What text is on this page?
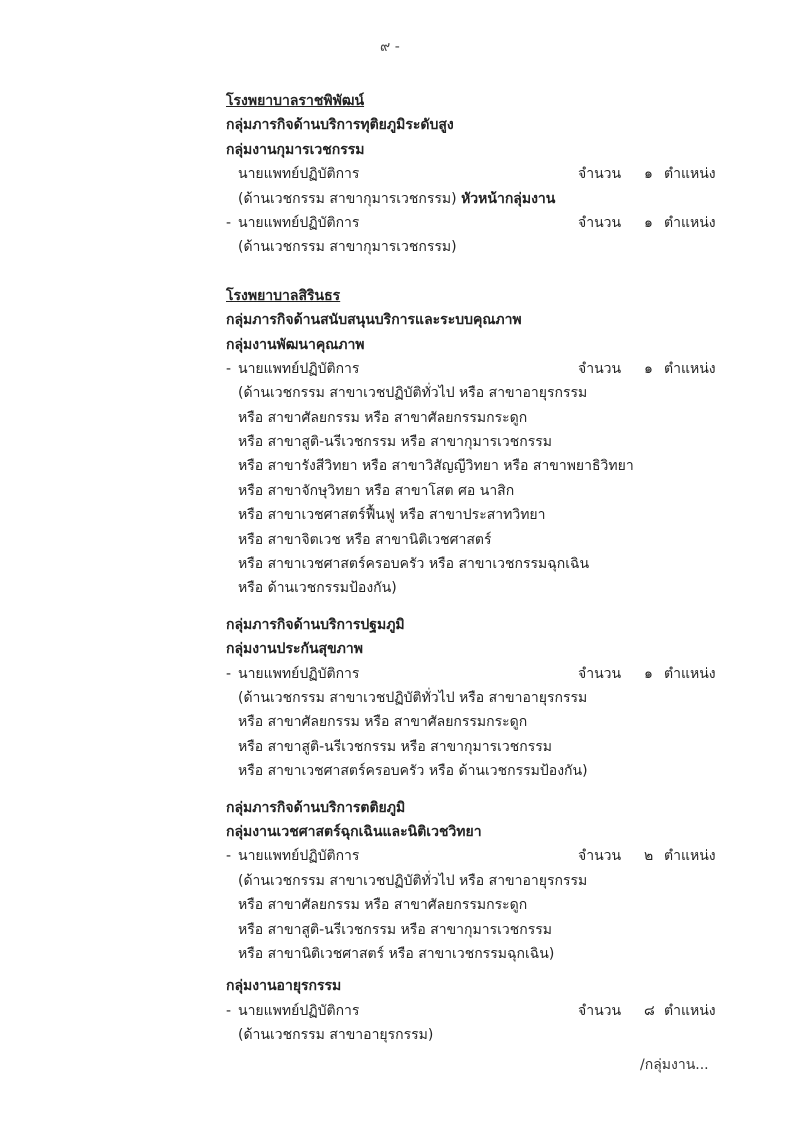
๙ -
โรงพยาบาลราชพิพัฒน์
กลุ่มภารกิจด้านบริการทุติยภูมิระดับสูง
กลุ่มงานกุมารเวชกรรม
นายแพทย์ปฏิบัติการ	จำนวน ๑ ตำแหน่ง
(ด้านเวชกรรม สาขากุมารเวชกรรม) หัวหน้ากลุ่มงาน
- นายแพทย์ปฏิบัติการ	จำนวน ๑ ตำแหน่ง
(ด้านเวชกรรม สาขากุมารเวชกรรม)
โรงพยาบาลสิรินธร
กลุ่มภารกิจด้านสนับสนุนบริการและระบบคุณภาพ
กลุ่มงานพัฒนาคุณภาพ
- นายแพทย์ปฏิบัติการ	จำนวน ๑ ตำแหน่ง
(ด้านเวชกรรม สาขาเวชปฏิบัติทั่วไป หรือ สาขาอายุรกรรม
หรือ สาขาศัลยกรรม หรือ สาขาศัลยกรรมกระดูก
หรือ สาขาสูติ-นรีเวชกรรม หรือ สาขากุมารเวชกรรม
หรือ สาขารังสีวิทยา หรือ สาขาวิสัญญีวิทยา หรือ สาขาพยาธิวิทยา
หรือ สาขาจักษุวิทยา หรือ สาขาโสต ศอ นาสิก
หรือ สาขาเวชศาสตร์ฟื้นฟู หรือ สาขาประสาทวิทยา
หรือ สาขาจิตเวช หรือ สาขานิติเวชศาสตร์
หรือ สาขาเวชศาสตร์ครอบครัว หรือ สาขาเวชกรรมฉุกเฉิน
หรือ ด้านเวชกรรมป้องกัน)
กลุ่มภารกิจด้านบริการปฐมภูมิ
กลุ่มงานประกันสุขภาพ
- นายแพทย์ปฏิบัติการ	จำนวน ๑ ตำแหน่ง
(ด้านเวชกรรม สาขาเวชปฏิบัติทั่วไป หรือ สาขาอายุรกรรม
หรือ สาขาศัลยกรรม หรือ สาขาศัลยกรรมกระดูก
หรือ สาขาสูติ-นรีเวชกรรม หรือ สาขากุมารเวชกรรม
หรือ สาขาเวชศาสตร์ครอบครัว หรือ ด้านเวชกรรมป้องกัน)
กลุ่มภารกิจด้านบริการตติยภูมิ
กลุ่มงานเวชศาสตร์ฉุกเฉินและนิติเวชวิทยา
- นายแพทย์ปฏิบัติการ	จำนวน ๒ ตำแหน่ง
(ด้านเวชกรรม สาขาเวชปฏิบัติทั่วไป หรือ สาขาอายุรกรรม
หรือ สาขาศัลยกรรม หรือ สาขาศัลยกรรมกระดูก
หรือ สาขาสูติ-นรีเวชกรรม หรือ สาขากุมารเวชกรรม
หรือ สาขานิติเวชศาสตร์ หรือ สาขาเวชกรรมฉุกเฉิน)
กลุ่มงานอายุรกรรม
- นายแพทย์ปฏิบัติการ	จำนวน ๘ ตำแหน่ง
(ด้านเวชกรรม สาขาอายุรกรรม)
/กลุ่มงาน...
